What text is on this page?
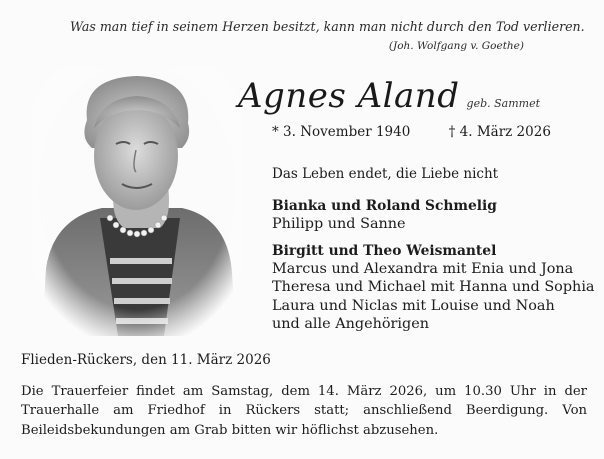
Was man tief in seinem Herzen besitzt, kann man nicht durch den Tod verlieren.
(Joh. Wolfgang v. Goethe)
Agnes Aland geb. Sammet
* 3. November 1940	† 4. März 2026
Das Leben endet, die Liebe nicht
Bianka und Roland Schmelig
Philipp und Sanne
Birgitt und Theo Weismantel
Marcus und Alexandra mit Enia und Jona
Theresa und Michael mit Hanna und Sophia
Laura und Niclas mit Louise und Noah
und alle Angehörigen
Flieden-Rückers, den 11. März 2026
Die Trauerfeier findet am Samstag, dem 14. März 2026, um 10.30 Uhr in der Trauerhalle am Friedhof in Rückers statt; anschließend Beerdigung. Von Beileidsbekundungen am Grab bitten wir höflichst abzusehen.
